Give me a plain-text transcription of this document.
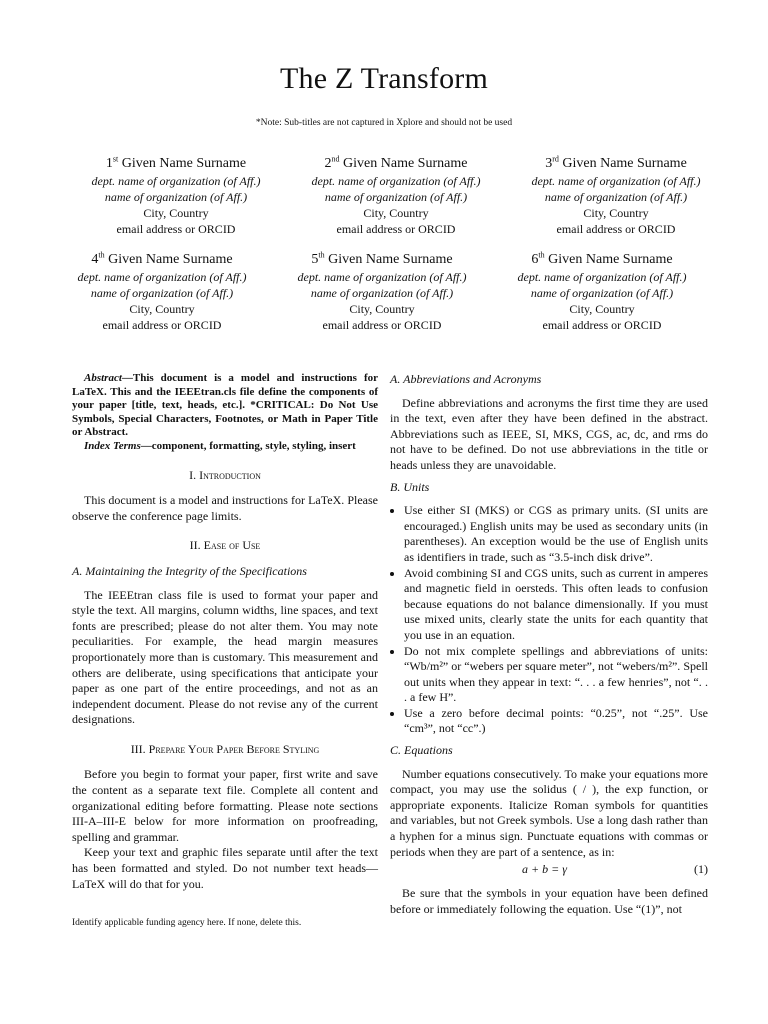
The Z Transform
*Note: Sub-titles are not captured in Xplore and should not be used
1st Given Name Surname
dept. name of organization (of Aff.)
name of organization (of Aff.)
City, Country
email address or ORCID
2nd Given Name Surname
dept. name of organization (of Aff.)
name of organization (of Aff.)
City, Country
email address or ORCID
3rd Given Name Surname
dept. name of organization (of Aff.)
name of organization (of Aff.)
City, Country
email address or ORCID
4th Given Name Surname
dept. name of organization (of Aff.)
name of organization (of Aff.)
City, Country
email address or ORCID
5th Given Name Surname
dept. name of organization (of Aff.)
name of organization (of Aff.)
City, Country
email address or ORCID
6th Given Name Surname
dept. name of organization (of Aff.)
name of organization (of Aff.)
City, Country
email address or ORCID

Abstract—This document is a model and instructions for LaTeX. This and the IEEEtran.cls file define the components of your paper [title, text, heads, etc.]. *CRITICAL: Do Not Use Symbols, Special Characters, Footnotes, or Math in Paper Title or Abstract.

Index Terms—component, formatting, style, styling, insert

I. Introduction

This document is a model and instructions for LaTeX. Please observe the conference page limits.

II. Ease of Use
A. Maintaining the Integrity of the Specifications

The IEEEtran class file is used to format your paper and style the text. All margins, column widths, line spaces, and text fonts are prescribed; please do not alter them. You may note peculiarities. For example, the head margin measures proportionately more than is customary. This measurement and others are deliberate, using specifications that anticipate your paper as one part of the entire proceedings, and not as an independent document. Please do not revise any of the current designations.

III. Prepare Your Paper Before Styling

Before you begin to format your paper, first write and save the content as a separate text file. Complete all content and organizational editing before formatting. Please note sections III-A–III-E below for more information on proofreading, spelling and grammar.

Keep your text and graphic files separate until after the text has been formatted and styled. Do not number text heads—LaTeX will do that for you.

A. Abbreviations and Acronyms

Define abbreviations and acronyms the first time they are used in the text, even after they have been defined in the abstract. Abbreviations such as IEEE, SI, MKS, CGS, ac, dc, and rms do not have to be defined. Do not use abbreviations in the title or heads unless they are unavoidable.

B. Units
• Use either SI (MKS) or CGS as primary units. (SI units are encouraged.) English units may be used as secondary units (in parentheses). An exception would be the use of English units as identifiers in trade, such as “3.5-inch disk drive”.
• Avoid combining SI and CGS units, such as current in amperes and magnetic field in oersteds. This often leads to confusion because equations do not balance dimensionally. If you must use mixed units, clearly state the units for each quantity that you use in an equation.
• Do not mix complete spellings and abbreviations of units: “Wb/m²” or “webers per square meter”, not “webers/m²”. Spell out units when they appear in text: “. . . a few henries”, not “. . . a few H”.
• Use a zero before decimal points: “0.25”, not “.25”. Use “cm³”, not “cc”.)
C. Equations

Number equations consecutively. To make your equations more compact, you may use the solidus ( / ), the exp function, or appropriate exponents. Italicize Roman symbols for quantities and variables, but not Greek symbols. Use a long dash rather than a hyphen for a minus sign. Punctuate equations with commas or periods when they are part of a sentence, as in:

a + b = γ	(1)

Be sure that the symbols in your equation have been defined before or immediately following the equation. Use “(1)”, not

Identify applicable funding agency here. If none, delete this.
